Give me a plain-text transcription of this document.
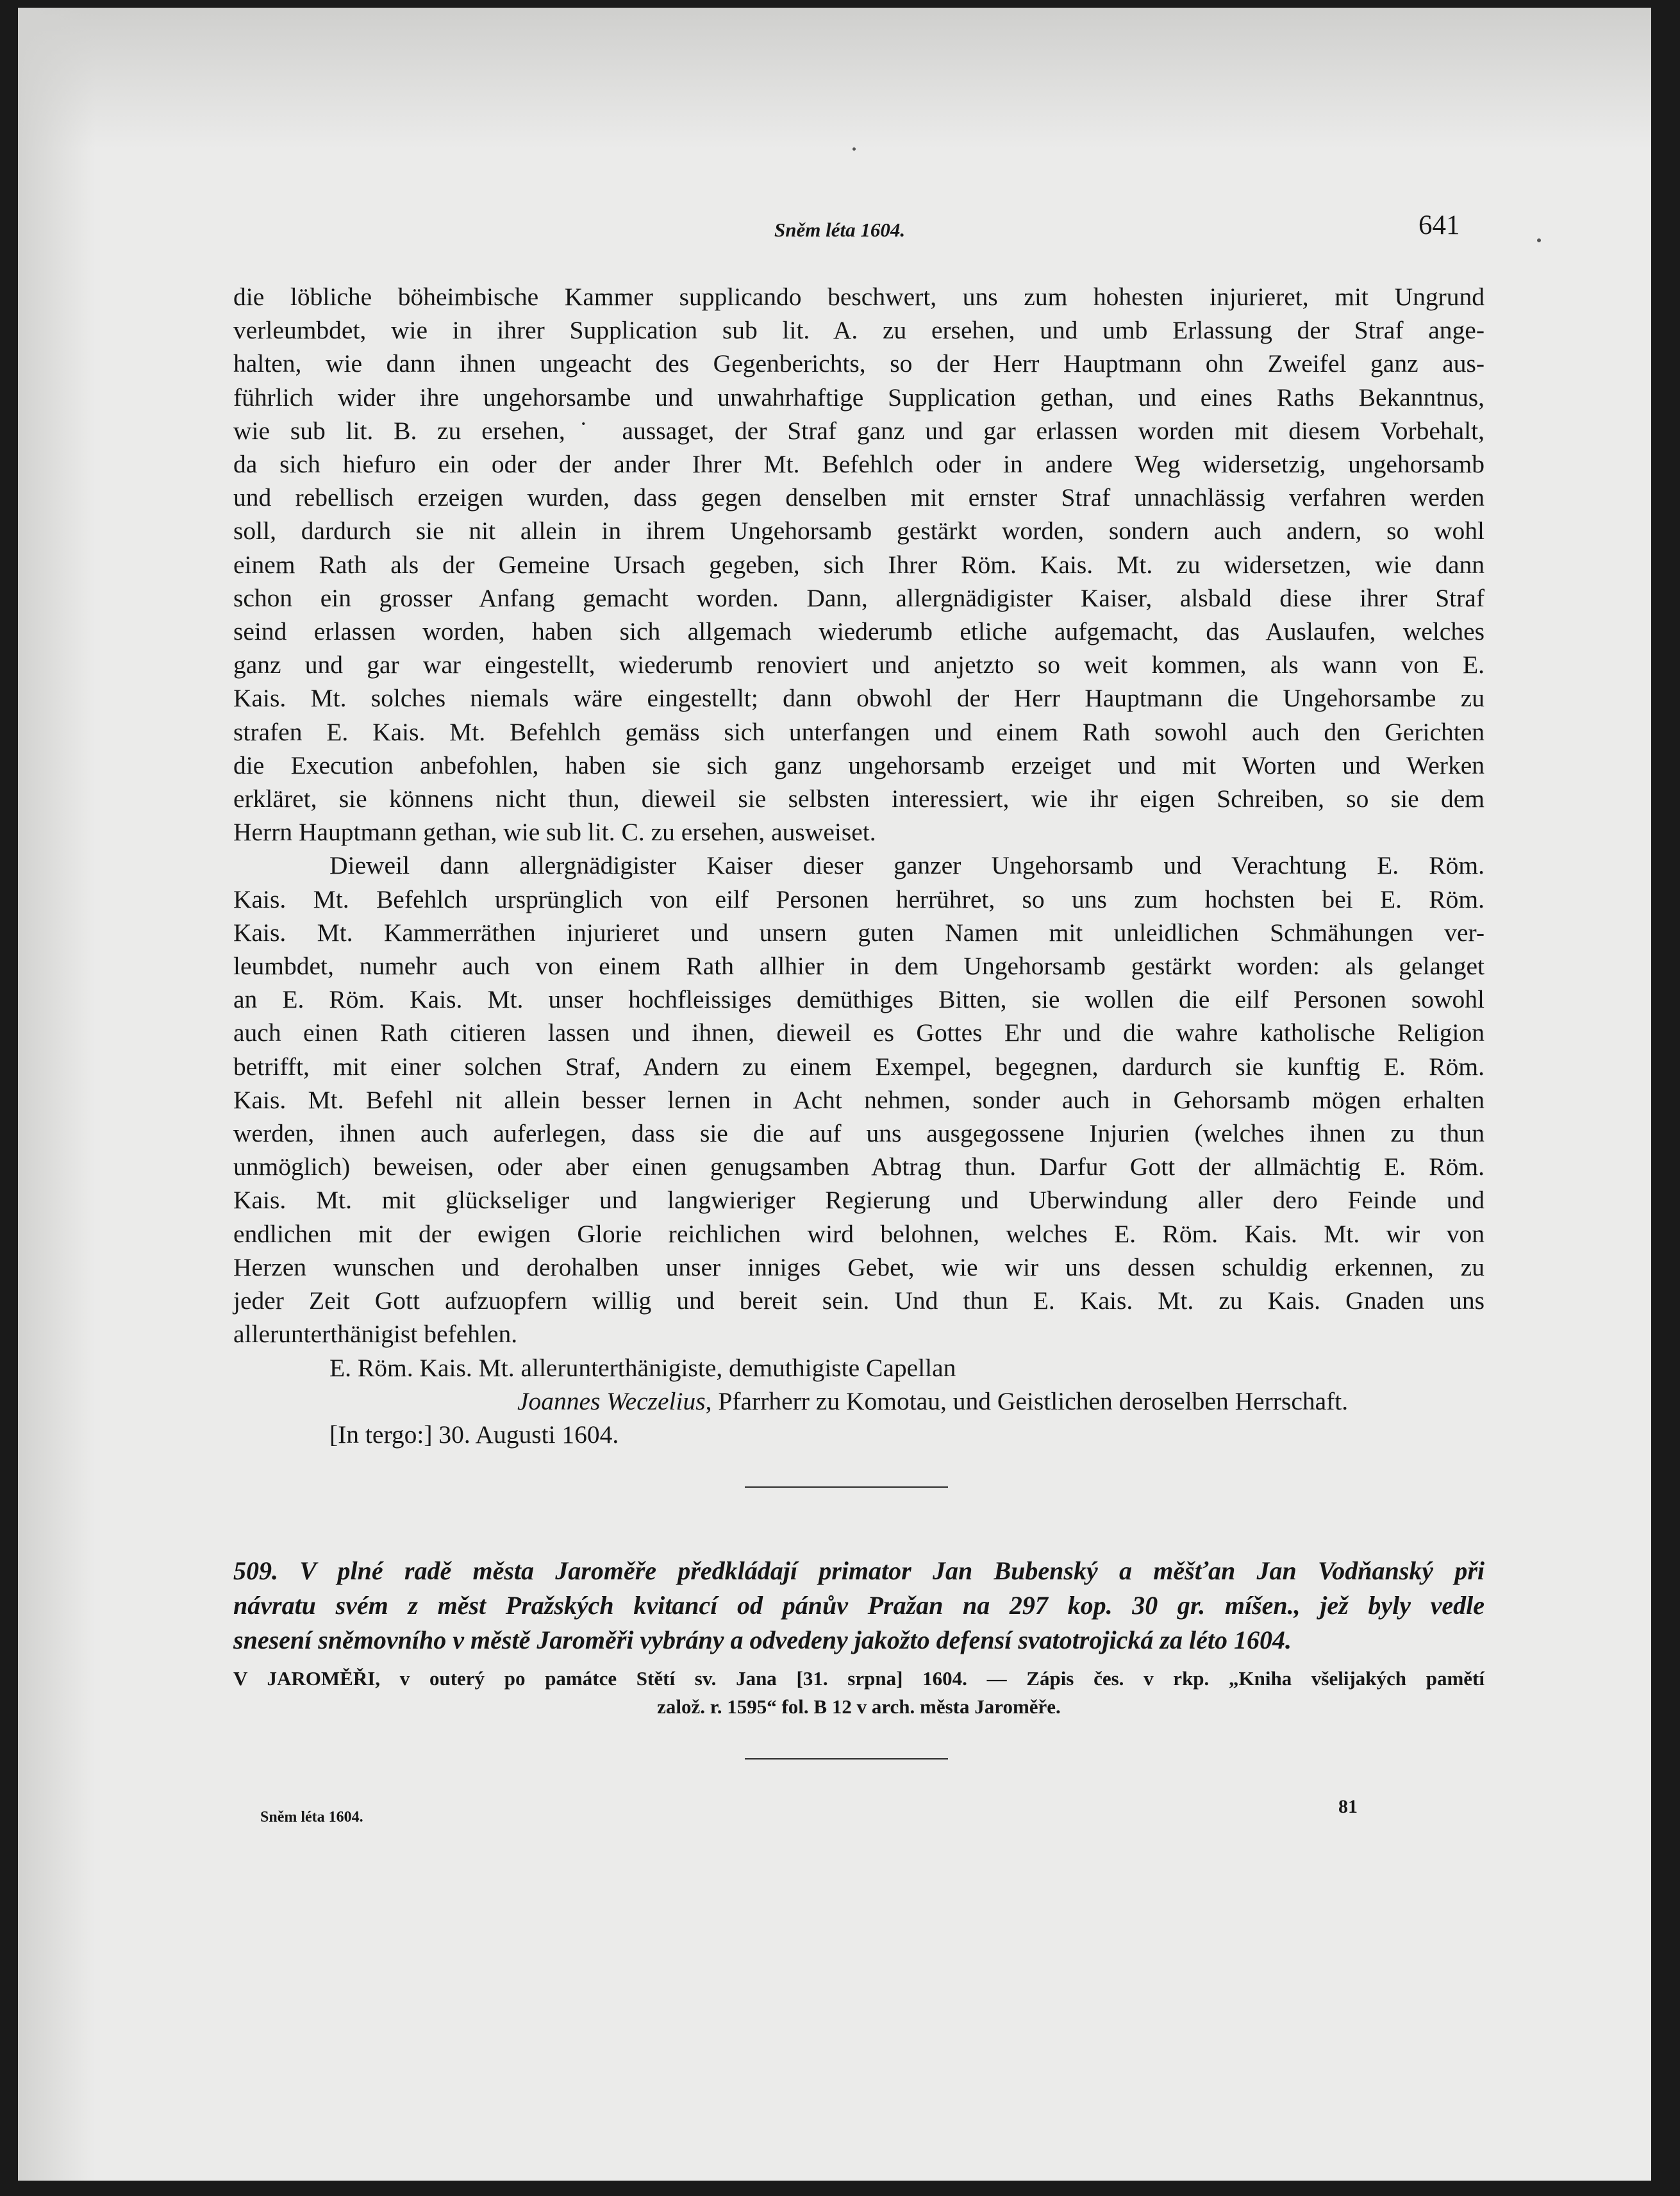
Sněm léta 1604.	641
die löbliche böheimbische Kammer supplicando beschwert, uns zum hohesten injurieret, mit Ungrund
verleumbdet, wie in ihrer Supplication sub lit. A. zu ersehen, und umb Erlassung der Straf ange-
halten, wie dann ihnen ungeacht des Gegenberichts, so der Herr Hauptmann ohn Zweifel ganz aus-
führlich wider ihre ungehorsambe und unwahrhaftige Supplication gethan, und eines Raths Bekanntnus,
wie sub lit. B. zu ersehen,˙ aussaget, der Straf ganz und gar erlassen worden mit diesem Vorbehalt,
da sich hiefuro ein oder der ander Ihrer Mt. Befehlch oder in andere Weg widersetzig, ungehorsamb
und rebellisch erzeigen wurden, dass gegen denselben mit ernster Straf unnachlässig verfahren werden
soll, dardurch sie nit allein in ihrem Ungehorsamb gestärkt worden, sondern auch andern, so wohl
einem Rath als der Gemeine Ursach gegeben, sich Ihrer Röm. Kais. Mt. zu widersetzen, wie dann
schon ein grosser Anfang gemacht worden. Dann, allergnädigister Kaiser, alsbald diese ihrer Straf
seind erlassen worden, haben sich allgemach wiederumb etliche aufgemacht, das Auslaufen, welches
ganz und gar war eingestellt, wiederumb renoviert und anjetzto so weit kommen, als wann von E.
Kais. Mt. solches niemals wäre eingestellt; dann obwohl der Herr Hauptmann die Ungehorsambe zu
strafen E. Kais. Mt. Befehlch gemäss sich unterfangen und einem Rath sowohl auch den Gerichten
die Execution anbefohlen, haben sie sich ganz ungehorsamb erzeiget und mit Worten und Werken
erkläret, sie könnens nicht thun, dieweil sie selbsten interessiert, wie ihr eigen Schreiben, so sie dem
Herrn Hauptmann gethan, wie sub lit. C. zu ersehen, ausweiset.
Dieweil dann allergnädigister Kaiser dieser ganzer Ungehorsamb und Verachtung E. Röm.
Kais. Mt. Befehlch ursprünglich von eilf Personen herrühret, so uns zum hochsten bei E. Röm.
Kais. Mt. Kammerräthen injurieret und unsern guten Namen mit unleidlichen Schmähungen ver-
leumbdet, numehr auch von einem Rath allhier in dem Ungehorsamb gestärkt worden: als gelanget
an E. Röm. Kais. Mt. unser hochfleissiges demüthiges Bitten, sie wollen die eilf Personen sowohl
auch einen Rath citieren lassen und ihnen, dieweil es Gottes Ehr und die wahre katholische Religion
betrifft, mit einer solchen Straf, Andern zu einem Exempel, begegnen, dardurch sie kunftig E. Röm.
Kais. Mt. Befehl nit allein besser lernen in Acht nehmen, sonder auch in Gehorsamb mögen erhalten
werden, ihnen auch auferlegen, dass sie die auf uns ausgegossene Injurien (welches ihnen zu thun
unmöglich) beweisen, oder aber einen genugsamben Abtrag thun. Darfur Gott der allmächtig E. Röm.
Kais. Mt. mit glückseliger und langwieriger Regierung und Uberwindung aller dero Feinde und
endlichen mit der ewigen Glorie reichlichen wird belohnen, welches E. Röm. Kais. Mt. wir von
Herzen wunschen und derohalben unser inniges Gebet, wie wir uns dessen schuldig erkennen, zu
jeder Zeit Gott aufzuopfern willig und bereit sein. Und thun E. Kais. Mt. zu Kais. Gnaden uns
allerunterthänigist befehlen.
E. Röm. Kais. Mt. allerunterthänigiste, demuthigiste Capellan
Joannes Weczelius, Pfarrherr zu Komotau, und Geistlichen deroselben Herrschaft.
[In tergo:] 30. Augusti 1604.
509. V plné radě města Jaroměře předkládají primator Jan Bubenský a měšťan Jan Vodňanský při
návratu svém z měst Pražských kvitancí od pánův Pražan na 297 kop. 30 gr. míšen., jež byly vedle
snesení sněmovního v městě Jaroměři vybrány a odvedeny jakožto defensí svatotrojická za léto 1604.
V JAROMĚŘI, v outerý po památce Stětí sv. Jana [31. srpna] 1604. — Zápis čes. v rkp. „Kniha všelijakých pamětí
založ. r. 1595“ fol. B 12 v arch. města Jaroměře.
Sněm léta 1604.	81
